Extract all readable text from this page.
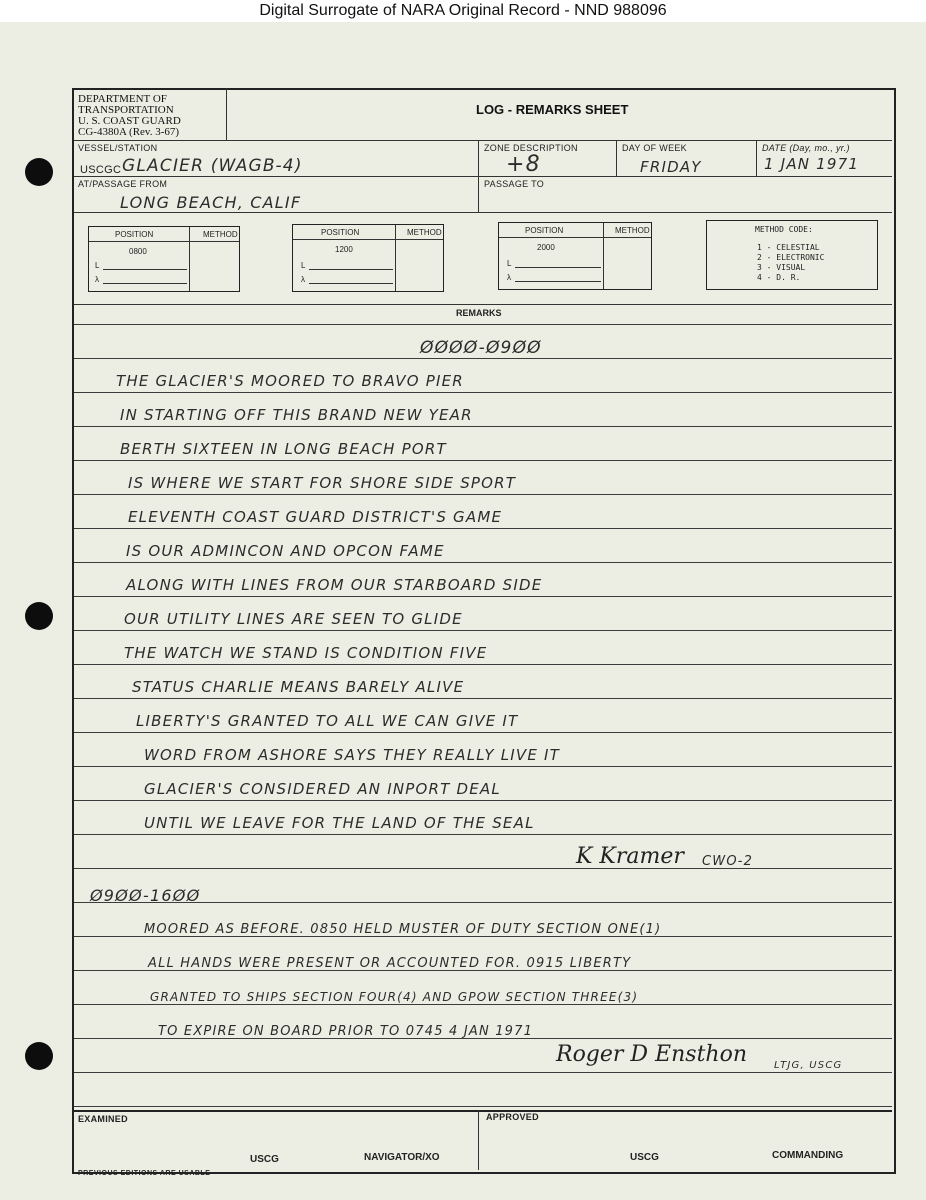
Digital Surrogate of NARA Original Record - NND 988096
DEPARTMENT OF
TRANSPORTATION
U. S. COAST GUARD
CG-4380A (Rev. 3-67)
LOG - REMARKS SHEET
VESSEL/STATION
USCGC GLACIER (WAGB-4)
ZONE DESCRIPTION
+8
DAY OF WEEK
FRIDAY
DATE (Day, mo., yr.)
1 JAN 1971
AT/PASSAGE FROM
LONG BEACH, CALIF
PASSAGE TO
POSITION	METHOD
0800
L
λ
POSITION	METHOD
1200
L
λ
POSITION	METHOD
2000
L
λ
METHOD CODE:
1 - CELESTIAL
2 - ELECTRONIC
3 - VISUAL
4 - D. R.
REMARKS
ØØØØ-Ø9ØØ
THE GLACIER'S MOORED TO BRAVO PIER
IN STARTING OFF THIS BRAND NEW YEAR
BERTH SIXTEEN IN LONG BEACH PORT
IS WHERE WE START FOR SHORE SIDE SPORT
ELEVENTH COAST GUARD DISTRICT'S GAME
IS OUR ADMINCON AND OPCON FAME
ALONG WITH LINES FROM OUR STARBOARD SIDE
OUR UTILITY LINES ARE SEEN TO GLIDE
THE WATCH WE STAND IS CONDITION FIVE
STATUS CHARLIE MEANS BARELY ALIVE
LIBERTY'S GRANTED TO ALL WE CAN GIVE IT
WORD FROM ASHORE SAYS THEY REALLY LIVE IT
GLACIER'S CONSIDERED AN INPORT DEAL
UNTIL WE LEAVE FOR THE LAND OF THE SEAL
K Kramer CWO-2
Ø9ØØ-16ØØ
MOORED AS BEFORE. 0850 HELD MUSTER OF DUTY SECTION ONE(1)
ALL HANDS WERE PRESENT OR ACCOUNTED FOR. 0915 LIBERTY
GRANTED TO SHIPS SECTION FOUR(4) AND GPOW SECTION THREE(3)
TO EXPIRE ON BOARD PRIOR TO 0745 4 JAN 1971
Roger D Ensthon	LTJG, USCG
EXAMINED
USCG	NAVIGATOR/XO
APPROVED
USCG	COMMANDING
PREVIOUS EDITIONS ARE USABLE
